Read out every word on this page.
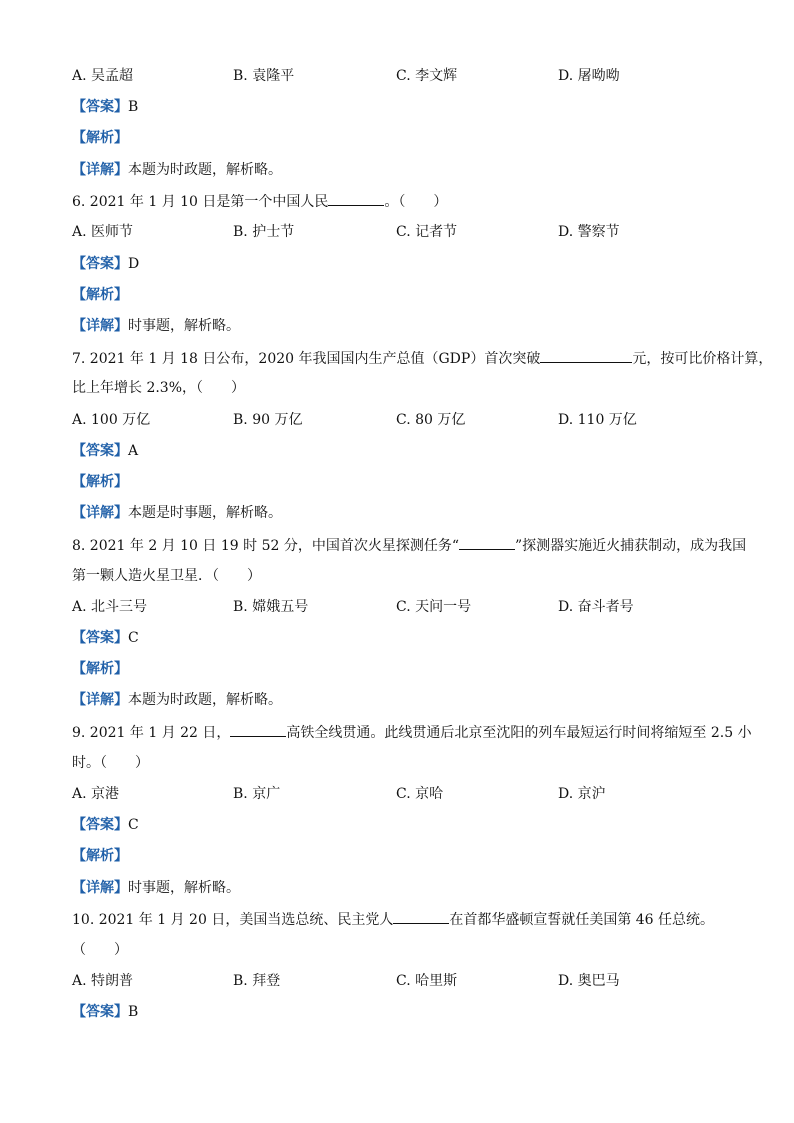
A. 吴孟超	B. 袁隆平	C. 李文辉	D. 屠呦呦
【答案】B
【解析】
【详解】本题为时政题，解析略。
6. 2021 年 1 月 10 日是第一个中国人民	。（　　）
A. 医师节	B. 护士节	C. 记者节	D. 警察节
【答案】D
【解析】
【详解】时事题，解析略。
7. 2021 年 1 月 18 日公布，2020 年我国国内生产总值（GDP）首次突破	元，按可比价格计算，
比上年增长 2.3%，（　　）
A. 100 万亿	B. 90 万亿	C. 80 万亿	D. 110 万亿
【答案】A
【解析】
【详解】本题是时事题，解析略。
8. 2021 年 2 月 10 日 19 时 52 分，中国首次火星探测任务“	”探测器实施近火捕获制动，成为我国
第一颗人造火星卫星．（　　）
A. 北斗三号	B. 嫦娥五号	C. 天问一号	D. 奋斗者号
【答案】C
【解析】
【详解】本题为时政题，解析略。
9. 2021 年 1 月 22 日，	高铁全线贯通。此线贯通后北京至沈阳的列车最短运行时间将缩短至 2.5 小
时。（　　）
A. 京港	B. 京广	C. 京哈	D. 京沪
【答案】C
【解析】
【详解】时事题，解析略。
10. 2021 年 1 月 20 日，美国当选总统、民主党人	在首都华盛顿宣誓就任美国第 46 任总统。
（　　）
A. 特朗普	B. 拜登	C. 哈里斯	D. 奥巴马
【答案】B
